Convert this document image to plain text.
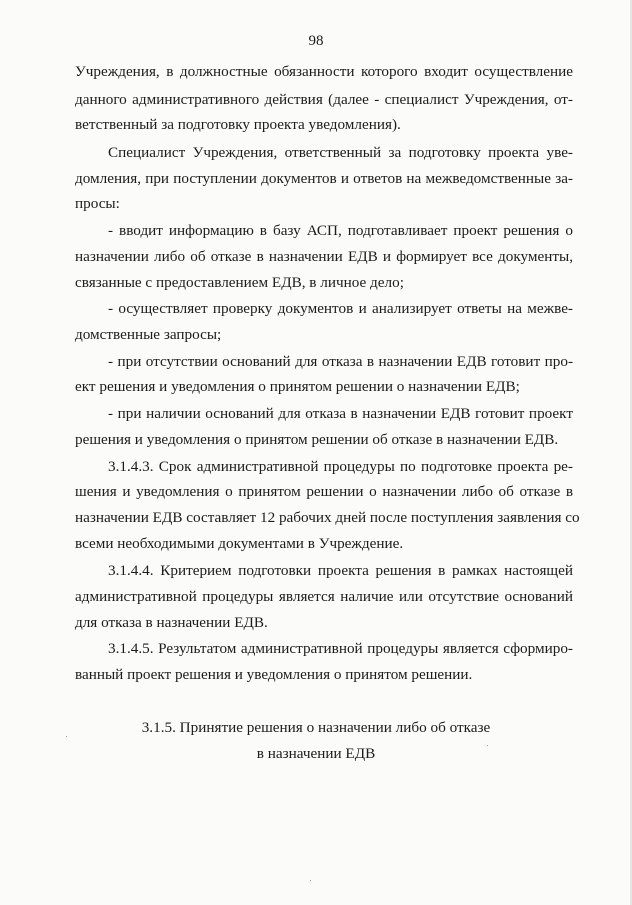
98
Учреждения, в должностные обязанности которого входит осуществление
данного административного действия (далее - специалист Учреждения, от-
ветственный за подготовку проекта уведомления).
Специалист Учреждения, ответственный за подготовку проекта уве-
домления, при поступлении документов и ответов на межведомственные за-
просы:
- вводит информацию в базу АСП, подготавливает проект решения о
назначении либо об отказе в назначении ЕДВ и формирует все документы,
связанные с предоставлением ЕДВ, в личное дело;
- осуществляет проверку документов и анализирует ответы на межве-
домственные запросы;
- при отсутствии оснований для отказа в назначении ЕДВ готовит про-
ект решения и уведомления о принятом решении о назначении ЕДВ;
- при наличии оснований для отказа в назначении ЕДВ готовит проект
решения и уведомления о принятом решении об отказе в назначении ЕДВ.
3.1.4.3. Срок административной процедуры по подготовке проекта ре-
шения и уведомления о принятом решении о назначении либо об отказе в
назначении ЕДВ составляет 12 рабочих дней после поступления заявления со
всеми необходимыми документами в Учреждение.
3.1.4.4. Критерием подготовки проекта решения в рамках настоящей
административной процедуры является наличие или отсутствие оснований
для отказа в назначении ЕДВ.
3.1.4.5. Результатом административной процедуры является сформиро-
ванный проект решения и уведомления о принятом решении.
3.1.5. Принятие решения о назначении либо об отказе
в назначении ЕДВ
